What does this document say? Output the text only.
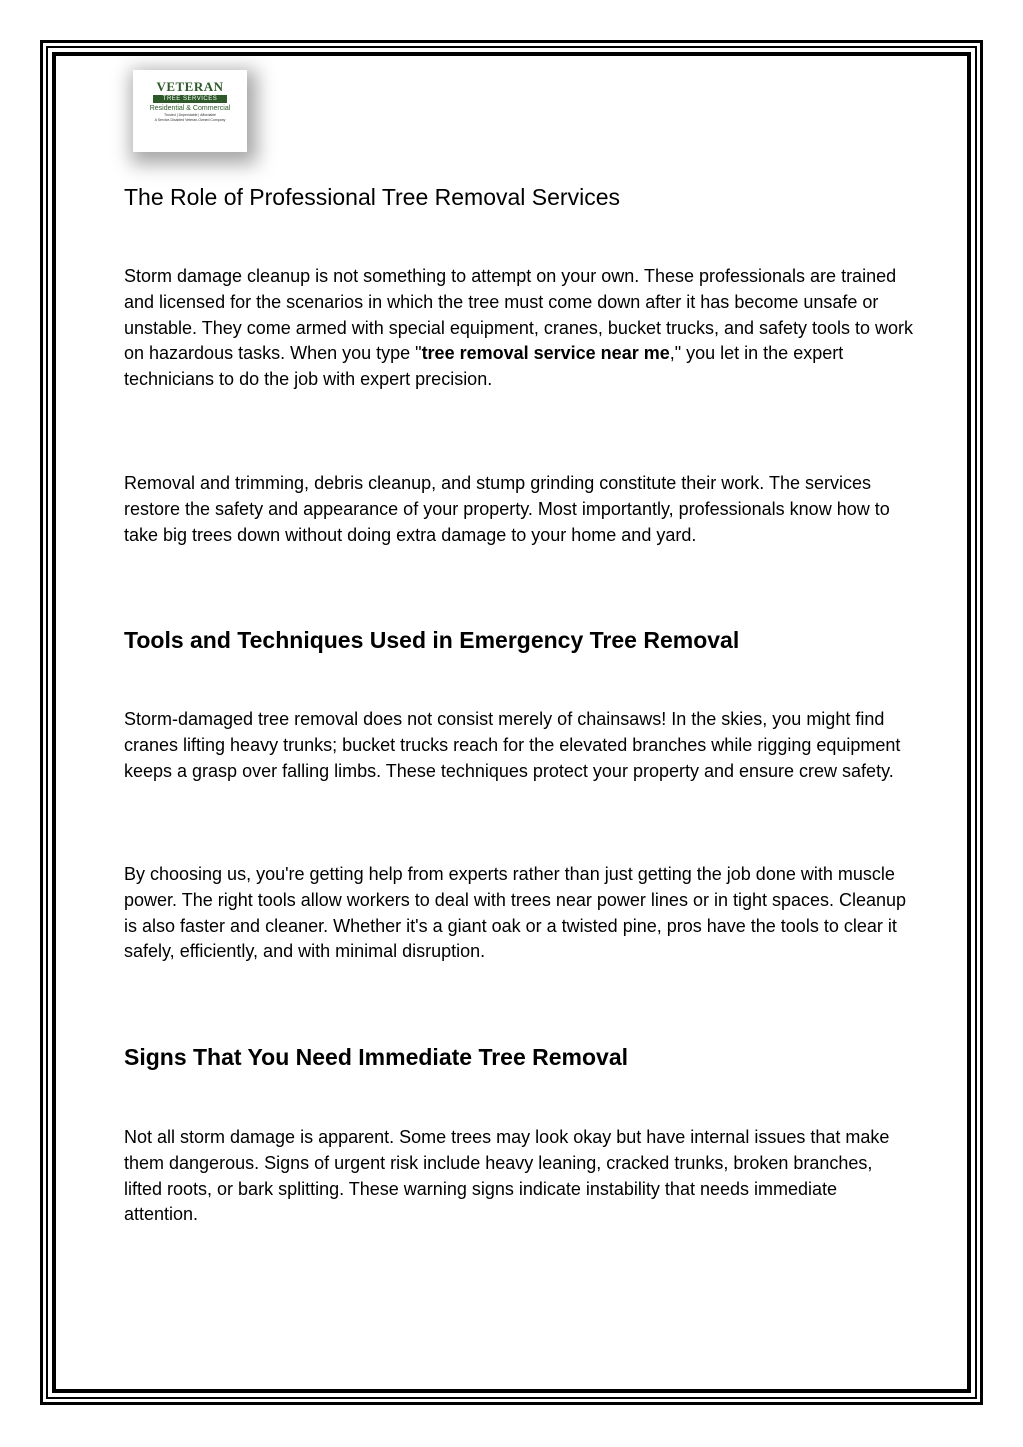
VETERAN
TREE SERVICES
Residential & Commercial
Trusted | Dependable | Affordable
A Service-Disabled Veteran-Owned Company
The Role of Professional Tree Removal Services

Storm damage cleanup is not something to attempt on your own. These professionals are trained and licensed for the scenarios in which the tree must come down after it has become unsafe or unstable. They come armed with special equipment, cranes, bucket trucks, and safety tools to work on hazardous tasks. When you type "tree removal service near me," you let in the expert technicians to do the job with expert precision.

Removal and trimming, debris cleanup, and stump grinding constitute their work. The services restore the safety and appearance of your property. Most importantly, professionals know how to take big trees down without doing extra damage to your home and yard.

Tools and Techniques Used in Emergency Tree Removal

Storm-damaged tree removal does not consist merely of chainsaws! In the skies, you might find cranes lifting heavy trunks; bucket trucks reach for the elevated branches while rigging equipment keeps a grasp over falling limbs. These techniques protect your property and ensure crew safety.

By choosing us, you're getting help from experts rather than just getting the job done with muscle power. The right tools allow workers to deal with trees near power lines or in tight spaces. Cleanup is also faster and cleaner. Whether it's a giant oak or a twisted pine, pros have the tools to clear it safely, efficiently, and with minimal disruption.

Signs That You Need Immediate Tree Removal

Not all storm damage is apparent. Some trees may look okay but have internal issues that make them dangerous. Signs of urgent risk include heavy leaning, cracked trunks, broken branches, lifted roots, or bark splitting. These warning signs indicate instability that needs immediate attention.
